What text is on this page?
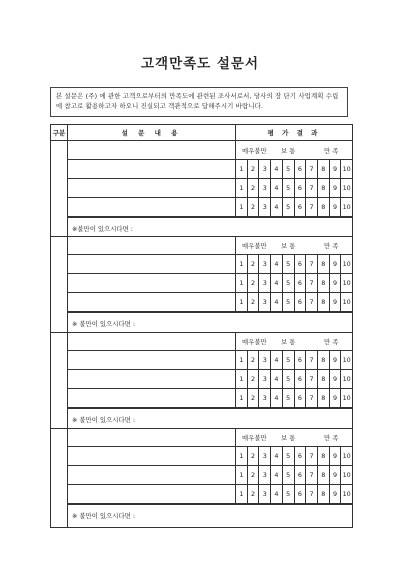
고객만족도 설문서
본 설문은 (주) 에 관한 고객으로부터의 만족도에 관련된 조사서로서, 당사의 장 단기 사업계획 수립에 참고로 활용하고자 하오니 진실되고 객관적으로 답해주시기 바랍니다.
구분	설 문 내 용	평 가 결 과
매우불만 보 통	만 족
1	2	3	4	5	6	7	8	9 10
1	2	3	4	5	6	7	8	9 10
1	2	3	4	5	6	7	8	9 10
※불만이 있으시다면 :
매우불만 보 통	만 족
1	2	3	4	5	6	7	8	9 10
1	2	3	4	5	6	7	8	9 10
1	2	3	4	5	6	7	8	9 10
※ 불만이 있으시다면 :
매우불만 보 통	만 족
1	2	3	4	5	6	7	8	9 10
1	2	3	4	5	6	7	8	9 10
1	2	3	4	5	6	7	8	9 10
※ 불만이 있으시다면 :
매우불만 보 통	만 족
1	2	3	4	5	6	7	8	9 10
1	2	3	4	5	6	7	8	9 10
1	2	3	4	5	6	7	8	9 10
※ 불만이 있으시다면 :
